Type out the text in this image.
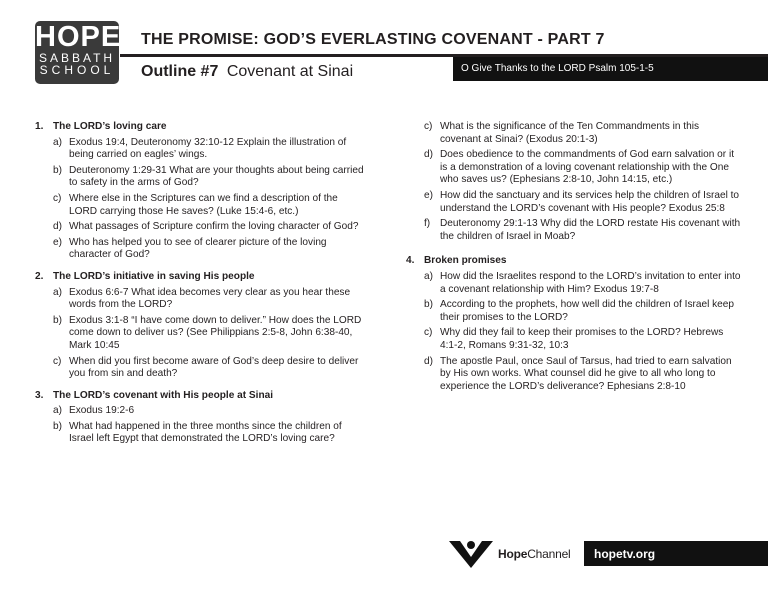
HOPE
SABBATH
SCHOOL
THE PROMISE: GOD’S EVERLASTING COVENANT - PART 7
Outline #7 Covenant at Sinai	O Give Thanks to the LORD Psalm 105-1-5
1. The LORD’s loving care
a) Exodus 19:4, Deuteronomy 32:10-12 Explain the illustration of being carried on eagles’ wings.
b) Deuteronomy 1:29-31 What are your thoughts about being carried to safety in the arms of God?
c) Where else in the Scriptures can we find a description of the LORD carrying those He saves? (Luke 15:4-6, etc.)
d) What passages of Scripture confirm the loving character of God?
e) Who has helped you to see of clearer picture of the loving character of God?
2. The LORD’s initiative in saving His people
a) Exodus 6:6-7 What idea becomes very clear as you hear these words from the LORD?
b) Exodus 3:1-8 “I have come down to deliver.” How does the LORD come down to deliver us? (See Philippians 2:5-8, John 6:38-40, Mark 10:45
c) When did you first become aware of God’s deep desire to deliver you from sin and death?
3. The LORD’s covenant with His people at Sinai
a) Exodus 19:2-6
b) What had happened in the three months since the children of Israel left Egypt that demonstrated the LORD’s loving care?
c) What is the significance of the Ten Commandments in this covenant at Sinai? (Exodus 20:1-3)
d) Does obedience to the commandments of God earn salvation or it is a demonstration of a loving covenant relationship with the One who saves us? (Ephesians 2:8-10, John 14:15, etc.)
e) How did the sanctuary and its services help the children of Israel to understand the LORD’s covenant with His people? Exodus 25:8
f) Deuteronomy 29:1-13 Why did the LORD restate His covenant with the children of Israel in Moab?
4. Broken promises
a) How did the Israelites respond to the LORD’s invitation to enter into a covenant relationship with Him? Exodus 19:7-8
b) According to the prophets, how well did the children of Israel keep their promises to the LORD?
c) Why did they fail to keep their promises to the LORD? Hebrews 4:1-2, Romans 9:31-32, 10:3
d) The apostle Paul, once Saul of Tarsus, had tried to earn salvation by His own works. What counsel did he give to all who long to experience the LORD’s deliverance? Ephesians 2:8-10
HopeChannel hopetv.org
